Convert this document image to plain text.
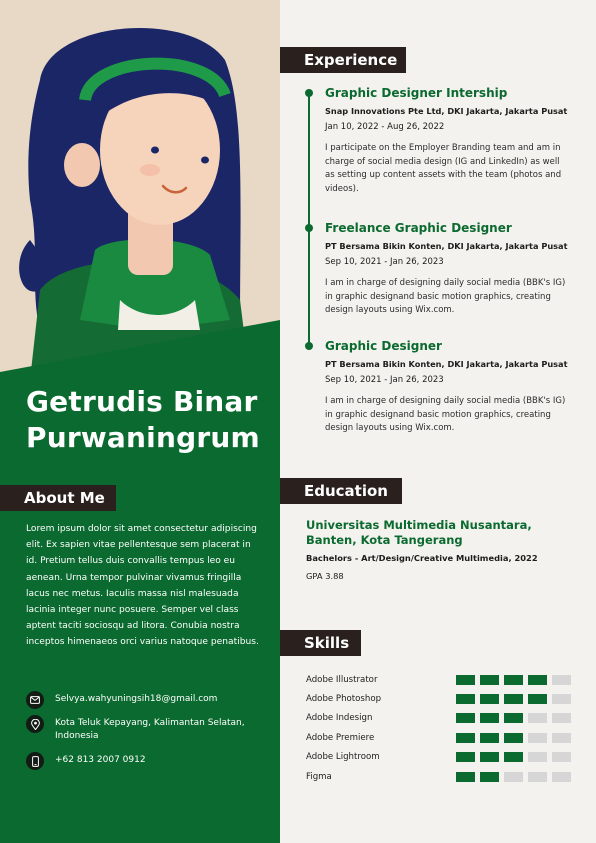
Getrudis Binar
Purwaningrum
About Me
Lorem ipsum dolor sit amet consectetur adipiscing elit. Ex sapien vitae pellentesque sem placerat in id. Pretium tellus duis convallis tempus leo eu aenean. Urna tempor pulvinar vivamus fringilla lacus nec metus. Iaculis massa nisl malesuada lacinia integer nunc posuere. Semper vel class aptent taciti sociosqu ad litora. Conubia nostra inceptos himenaeos orci varius natoque penatibus.
Selvya.wahyuningsih18@gmail.com
Kota Teluk Kepayang, Kalimantan Selatan, Indonesia
+62 813 2007 0912
Experience
Graphic Designer Intership
Snap Innovations Pte Ltd, DKI Jakarta, Jakarta Pusat
Jan 10, 2022 - Aug 26, 2022
I participate on the Employer Branding team and am in charge of social media design (IG and LinkedIn) as well as setting up content assets with the team (photos and videos).
Freelance Graphic Designer
PT Bersama Bikin Konten, DKI Jakarta, Jakarta Pusat
Sep 10, 2021 - Jan 26, 2023
I am in charge of designing daily social media (BBK's IG) in graphic designand basic motion graphics, creating design layouts using Wix.com.
Graphic Designer
PT Bersama Bikin Konten, DKI Jakarta, Jakarta Pusat
Sep 10, 2021 - Jan 26, 2023
I am in charge of designing daily social media (BBK's IG) in graphic designand basic motion graphics, creating design layouts using Wix.com.
Education
Universitas Multimedia Nusantara, Banten, Kota Tangerang
Bachelors - Art/Design/Creative Multimedia, 2022
GPA 3.88
Skills
Adobe Illustrator
Adobe Photoshop
Adobe Indesign
Adobe Premiere
Adobe Lightroom
Figma
